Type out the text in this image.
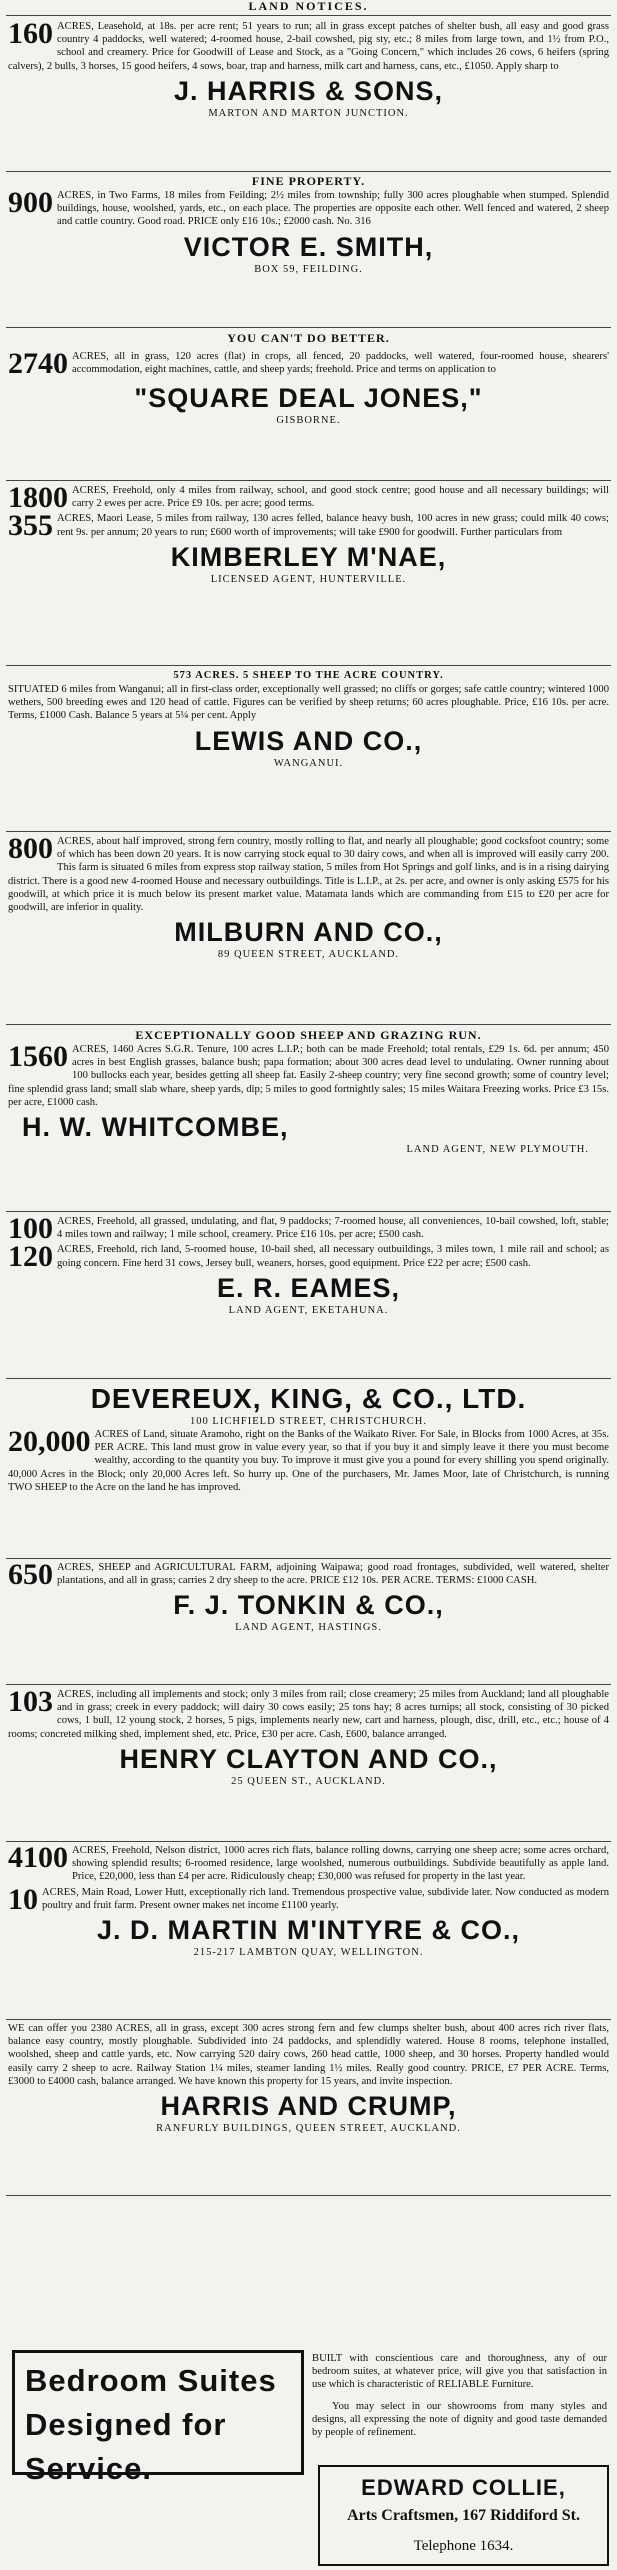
LAND NOTICES.

160 ACRES, Leasehold, at 18s. per acre rent; 51 years to run; all in grass except patches of shelter bush, all easy and good grass country 4 paddocks, well watered; 4-roomed house, 2-bail cowshed, pig sty, etc.; 8 miles from large town, and 1½ from P.O., school and creamery. Price for Goodwill of Lease and Stock, as a "Going Concern," which includes 26 cows, 6 heifers (spring calvers), 2 bulls, 3 horses, 15 good heifers, 4 sows, boar, trap and harness, milk cart and harness, cans, etc., £1050. Apply sharp to

J. HARRIS & SONS,
MARTON AND MARTON JUNCTION.
FINE PROPERTY.

900 ACRES, in Two Farms, 18 miles from Feilding; 2½ miles from township; fully 300 acres ploughable when stumped. Splendid buildings, house, woolshed, yards, etc., on each place. The properties are opposite each other. Well fenced and watered, 2 sheep and cattle country. Good road. PRICE only £16 10s.; £2000 cash. No. 316

VICTOR E. SMITH,
BOX 59, FEILDING.
YOU CAN'T DO BETTER.

2740 ACRES, all in grass, 120 acres (flat) in crops, all fenced, 20 paddocks, well watered, four-roomed house, shearers' accommodation, eight machines, cattle, and sheep yards; freehold. Price and terms on application to

"SQUARE DEAL JONES,"
GISBORNE.

1800 ACRES, Freehold, only 4 miles from railway, school, and good stock centre; good house and all necessary buildings; will carry 2 ewes per acre. Price £9 10s. per acre; good terms.

355 ACRES, Maori Lease, 5 miles from railway, 130 acres felled, balance heavy bush, 100 acres in new grass; could milk 40 cows; rent 9s. per annum; 20 years to run; £600 worth of improvements; will take £900 for goodwill. Further particulars from

KIMBERLEY M'NAE,
LICENSED AGENT, HUNTERVILLE.
573 ACRES. 5 SHEEP TO THE ACRE COUNTRY.

SITUATED 6 miles from Wanganui; all in first-class order, exceptionally well grassed; no cliffs or gorges; safe cattle country; wintered 1000 wethers, 500 breeding ewes and 120 head of cattle. Figures can be verified by sheep returns; 60 acres ploughable. Price, £16 10s. per acre. Terms, £1000 Cash. Balance 5 years at 5¼ per cent. Apply

LEWIS AND CO.,
WANGANUI.

800 ACRES, about half improved, strong fern country, mostly rolling to flat, and nearly all ploughable; good cocksfoot country; some of which has been down 20 years. It is now carrying stock equal to 30 dairy cows, and when all is improved will easily carry 200. This farm is situated 6 miles from express stop railway station, 5 miles from Hot Springs and golf links, and is in a rising dairying district. There is a good new 4-roomed House and necessary outbuildings. Title is L.I.P., at 2s. per acre, and owner is only asking £575 for his goodwill, at which price it is much below its present market value. Matamata lands which are commanding from £15 to £20 per acre for goodwill, are inferior in quality.

MILBURN AND CO.,
89 QUEEN STREET, AUCKLAND.
EXCEPTIONALLY GOOD SHEEP AND GRAZING RUN.

1560 ACRES, 1460 Acres S.G.R. Tenure, 100 acres L.I.P.; both can be made Freehold; total rentals, £29 1s. 6d. per annum; 450 acres in best English grasses, balance bush; papa formation; about 300 acres dead level to undulating. Owner running about 100 bullocks each year, besides getting all sheep fat. Easily 2-sheep country; very fine second growth; some of country level; fine splendid grass land; small slab whare, sheep yards, dip; 5 miles to good fortnightly sales; 15 miles Waitara Freezing works. Price £3 15s. per acre, £1000 cash.

H. W. WHITCOMBE,
LAND AGENT, NEW PLYMOUTH.

100 ACRES, Freehold, all grassed, undulating, and flat, 9 paddocks; 7-roomed house, all conveniences, 10-bail cowshed, loft, stable; 4 miles town and railway; 1 mile school, creamery. Price £16 10s. per acre; £500 cash.

120 ACRES, Freehold, rich land, 5-roomed house, 10-bail shed, all necessary outbuildings, 3 miles town, 1 mile rail and school; as going concern. Fine herd 31 cows, Jersey bull, weaners, horses, good equipment. Price £22 per acre; £500 cash.

E. R. EAMES,
LAND AGENT, EKETAHUNA.
DEVEREUX, KING, & CO., LTD.
100 LICHFIELD STREET, CHRISTCHURCH.

20,000 ACRES of Land, situate Aramoho, right on the Banks of the Waikato River. For Sale, in Blocks from 1000 Acres, at 35s. PER ACRE. This land must grow in value every year, so that if you buy it and simply leave it there you must become wealthy, according to the quantity you buy. To improve it must give you a pound for every shilling you spend originally. 40,000 Acres in the Block; only 20,000 Acres left. So hurry up. One of the purchasers, Mr. James Moor, late of Christchurch, is running TWO SHEEP to the Acre on the land he has improved.

650 ACRES, SHEEP and AGRICULTURAL FARM, adjoining Waipawa; good road frontages, subdivided, well watered, shelter plantations, and all in grass; carries 2 dry sheep to the acre. PRICE £12 10s. PER ACRE. TERMS: £1000 CASH.

F. J. TONKIN & CO.,
LAND AGENT, HASTINGS.

103 ACRES, including all implements and stock; only 3 miles from rail; close creamery; 25 miles from Auckland; land all ploughable and in grass; creek in every paddock; will dairy 30 cows easily; 25 tons hay; 8 acres turnips; all stock, consisting of 30 picked cows, 1 bull, 12 young stock, 2 horses, 5 pigs, implements nearly new, cart and harness, plough, disc, drill, etc., etc.; house of 4 rooms; concreted milking shed, implement shed, etc. Price, £30 per acre. Cash, £600, balance arranged.

HENRY CLAYTON AND CO.,
25 QUEEN ST., AUCKLAND.

4100 ACRES, Freehold, Nelson district, 1000 acres rich flats, balance rolling downs, carrying one sheep acre; some acres orchard, showing splendid results; 6-roomed residence, large woolshed, numerous outbuildings. Subdivide beautifully as apple land. Price, £20,000, less than £4 per acre. Ridiculously cheap; £30,000 was refused for property in the last year.

10 ACRES, Main Road, Lower Hutt, exceptionally rich land. Tremendous prospective value, subdivide later. Now conducted as modern poultry and fruit farm. Present owner makes net income £1100 yearly.

J. D. MARTIN M'INTYRE & CO.,
215-217 LAMBTON QUAY, WELLINGTON.

WE can offer you 2380 ACRES, all in grass, except 300 acres strong fern and few clumps shelter bush, about 400 acres rich river flats, balance easy country, mostly ploughable. Subdivided into 24 paddocks, and splendidly watered. House 8 rooms, telephone installed, woolshed, sheep and cattle yards, etc. Now carrying 520 dairy cows, 260 head cattle, 1000 sheep, and 30 horses. Property handled would easily carry 2 sheep to acre. Railway Station 1¼ miles, steamer landing 1½ miles. Really good country. PRICE, £7 PER ACRE. Terms, £3000 to £4000 cash, balance arranged. We have known this property for 15 years, and invite inspection.

HARRIS AND CRUMP,
RANFURLY BUILDINGS, QUEEN STREET, AUCKLAND.
Bedroom Suites
Designed for Service.

BUILT with conscientious care and thoroughness, any of our bedroom suites, at whatever price, will give you that satisfaction in use which is characteristic of RELIABLE Furniture.

You may select in our showrooms from many styles and designs, all expressing the note of dignity and good taste demanded by people of refinement.

EDWARD COLLIE,
Arts Craftsmen, 167 Riddiford St.
Telephone 1634.
